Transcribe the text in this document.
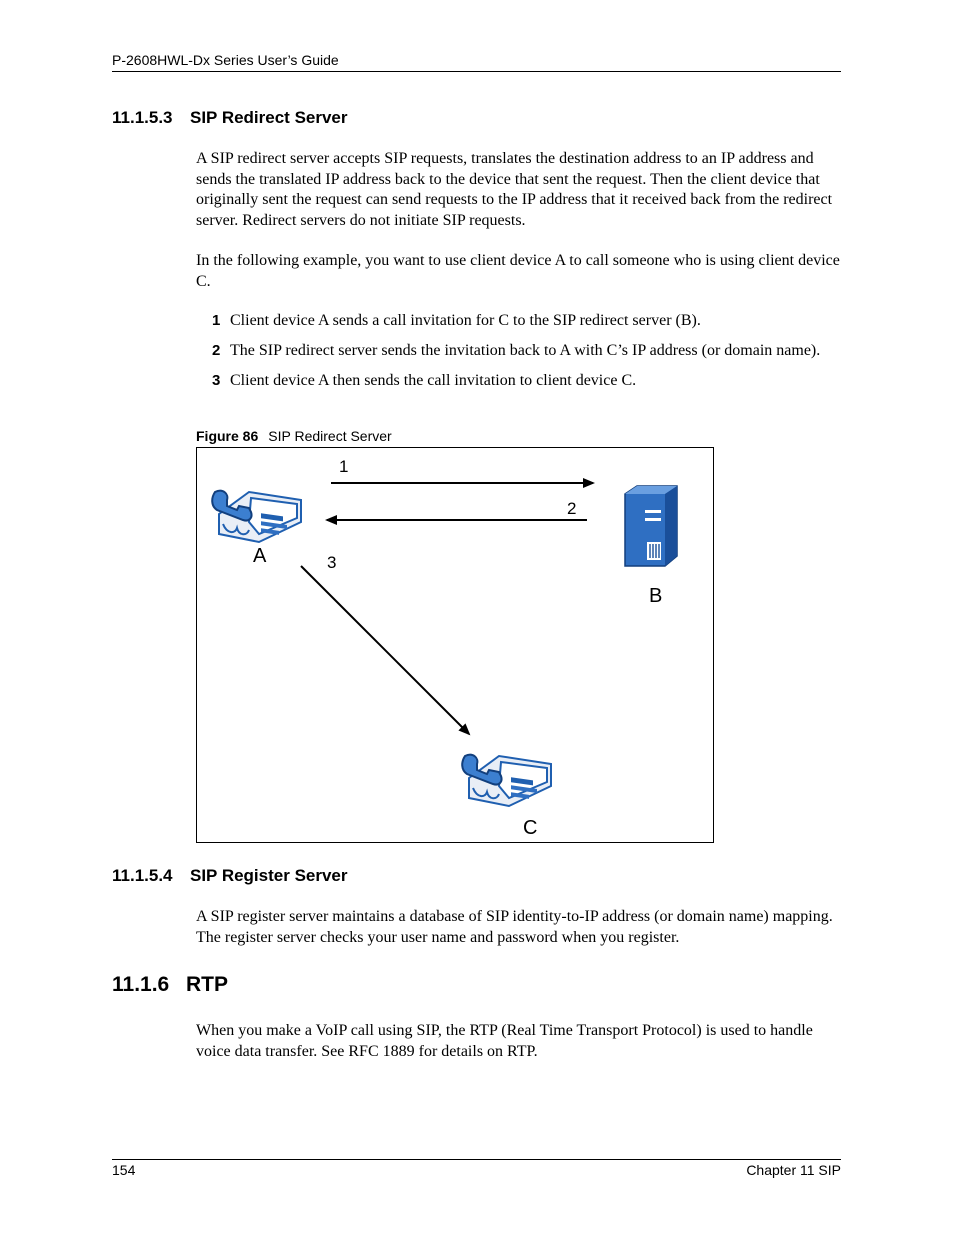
P-2608HWL-Dx Series User’s Guide
11.1.5.3 SIP Redirect Server
A SIP redirect server accepts SIP requests, translates the destination address to an IP address and sends the translated IP address back to the device that sent the request. Then the client device that originally sent the request can send requests to the IP address that it received back from the redirect server. Redirect servers do not initiate SIP requests.
In the following example, you want to use client device A to call someone who is using client device C.
1 Client device A sends a call invitation for C to the SIP redirect server (B).
2 The SIP redirect server sends the invitation back to A with C’s IP address (or domain name).
3 Client device A then sends the call invitation to client device C.
Figure 86 SIP Redirect Server
A
B
C
1
2
3
11.1.5.4 SIP Register Server
A SIP register server maintains a database of SIP identity-to-IP address (or domain name) mapping. The register server checks your user name and password when you register.
11.1.6 RTP
When you make a VoIP call using SIP, the RTP (Real Time Transport Protocol) is used to handle voice data transfer. See RFC 1889 for details on RTP.
154	Chapter 11 SIP
